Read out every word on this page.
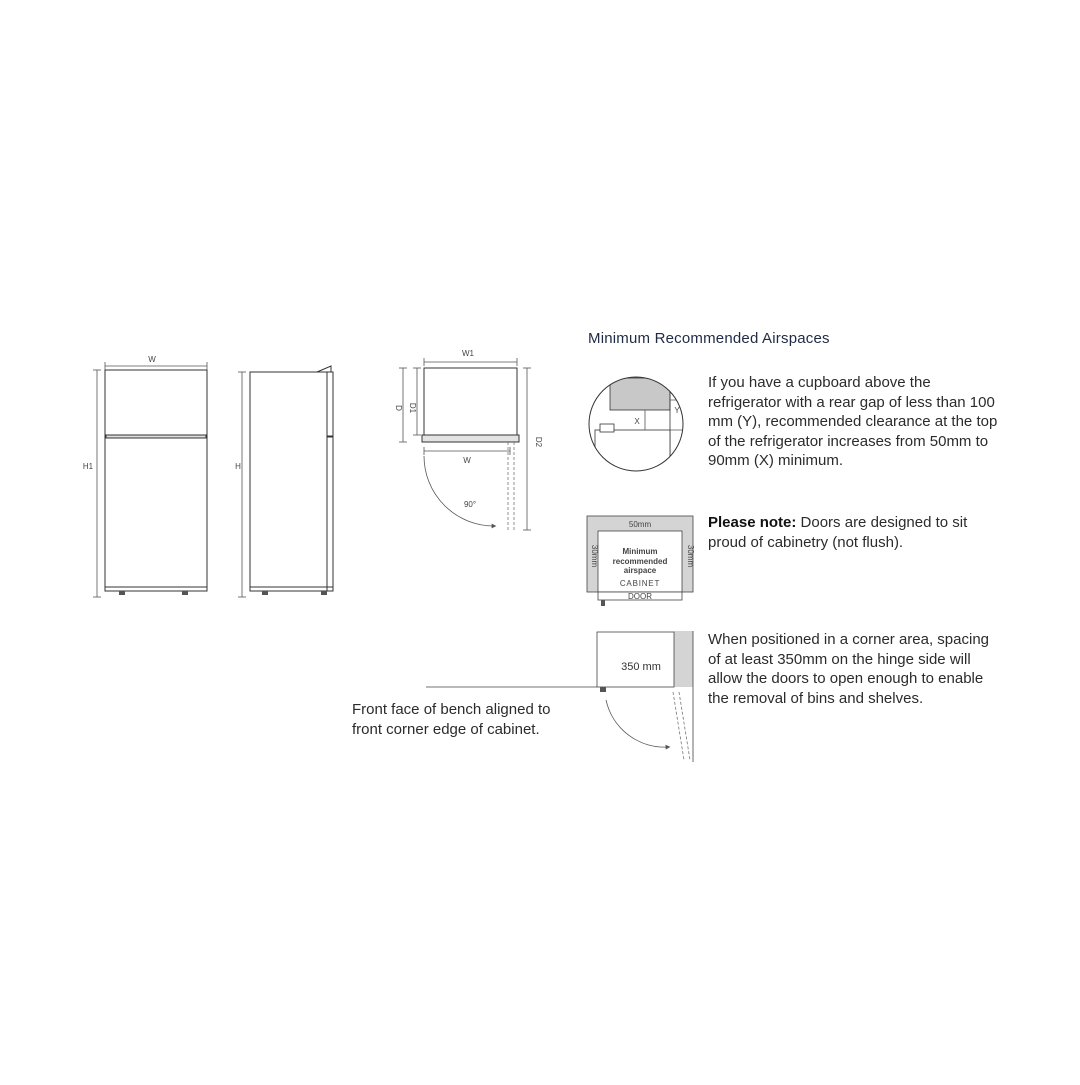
W
H1	H
W1
W
D D1
D2
90°
X
Y
50mm
30mm	30mm
Minimum
recommended
airspace
CABINET
DOOR
350 mm
Minimum Recommended Airspaces
If you have a cupboard above the refrigerator with a rear gap of less than 100 mm (Y), recommended clearance at the top of the refrigerator increases from 50mm to 90mm (X) minimum.
Please note: Doors are designed to sit proud of cabinetry (not flush).
When positioned in a corner area, spacing of at least 350mm on the hinge side will allow the doors to open enough to enable the removal of bins and shelves.
Front face of bench aligned to front corner edge of cabinet.
